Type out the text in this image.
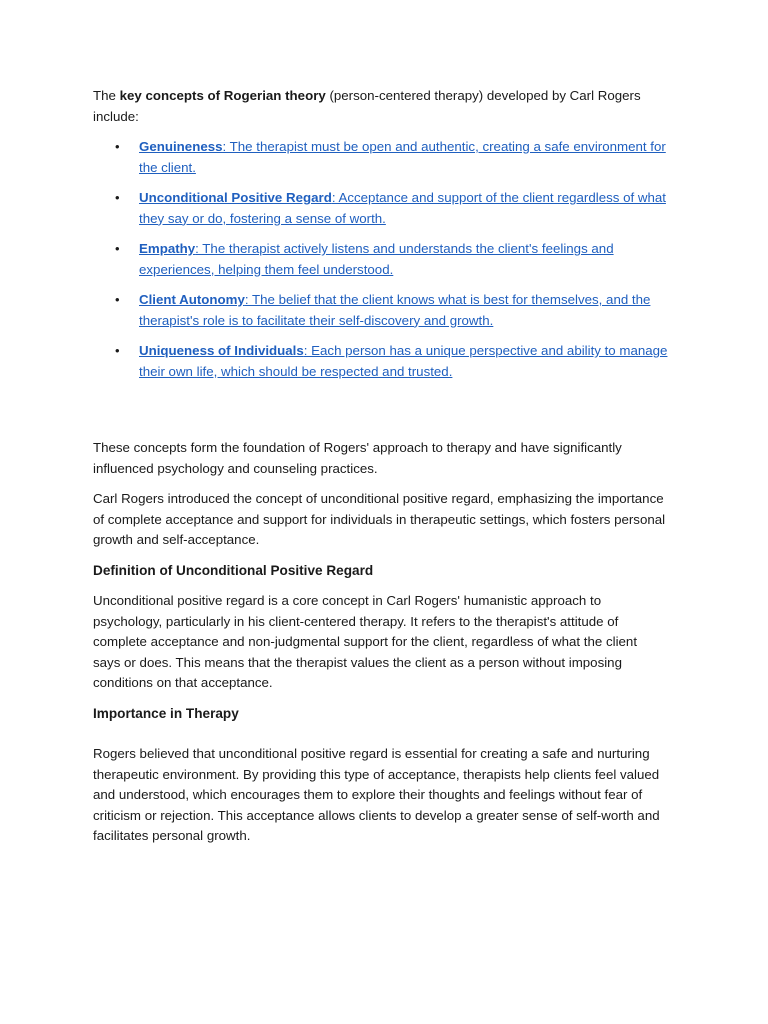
The key concepts of Rogerian theory (person-centered therapy) developed by Carl Rogers include:

• Genuineness: The therapist must be open and authentic, creating a safe environment for the client.
• Unconditional Positive Regard: Acceptance and support of the client regardless of what they say or do, fostering a sense of worth.
• Empathy: The therapist actively listens and understands the client's feelings and experiences, helping them feel understood.
• Client Autonomy: The belief that the client knows what is best for themselves, and the therapist's role is to facilitate their self-discovery and growth.
• Uniqueness of Individuals: Each person has a unique perspective and ability to manage their own life, which should be respected and trusted.

These concepts form the foundation of Rogers' approach to therapy and have significantly influenced psychology and counseling practices.

Carl Rogers introduced the concept of unconditional positive regard, emphasizing the importance of complete acceptance and support for individuals in therapeutic settings, which fosters personal growth and self-acceptance.

Definition of Unconditional Positive Regard

Unconditional positive regard is a core concept in Carl Rogers' humanistic approach to psychology, particularly in his client-centered therapy. It refers to the therapist's attitude of complete acceptance and non-judgmental support for the client, regardless of what the client says or does. This means that the therapist values the client as a person without imposing conditions on that acceptance.

Importance in Therapy

Rogers believed that unconditional positive regard is essential for creating a safe and nurturing therapeutic environment. By providing this type of acceptance, therapists help clients feel valued and understood, which encourages them to explore their thoughts and feelings without fear of criticism or rejection. This acceptance allows clients to develop a greater sense of self-worth and facilitates personal growth.
